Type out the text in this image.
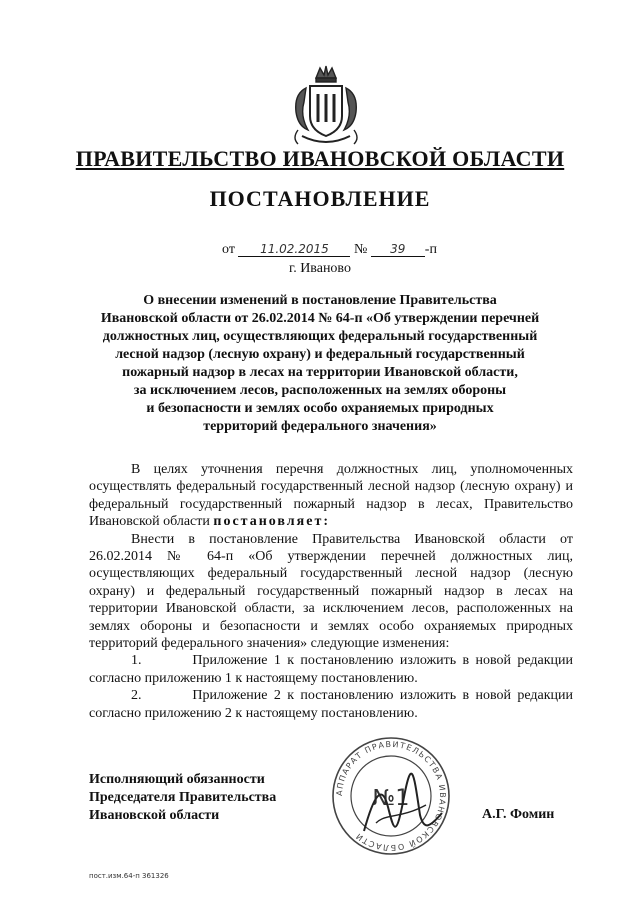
ПРАВИТЕЛЬСТВО ИВАНОВСКОЙ ОБЛАСТИ
ПОСТАНОВЛЕНИЕ
от 11.02.2015 № 39 -п
г. Иваново
О внесении изменений в постановление Правительства
Ивановской области от 26.02.2014 № 64-п «Об утверждении перечней
должностных лиц, осуществляющих федеральный государственный
лесной надзор (лесную охрану) и федеральный государственный
пожарный надзор в лесах на территории Ивановской области,
за исключением лесов, расположенных на землях обороны
и безопасности и землях особо охраняемых природных
территорий федерального значения»

В целях уточнения перечня должностных лиц, уполномоченных осуществлять федеральный государственный лесной надзор (лесную охрану) и федеральный государственный пожарный надзор в лесах, Правительство Ивановской области постановляет:

Внести в постановление Правительства Ивановской области от 26.02.2014 № 64-п «Об утверждении перечней должностных лиц, осуществляющих федеральный государственный лесной надзор (лесную охрану) и федеральный государственный пожарный надзор в лесах на территории Ивановской области, за исключением лесов, расположенных на землях обороны и безопасности и землях особо охраняемых природных территорий федерального значения» следующие изменения:

1.	Приложение 1 к постановлению изложить в новой редакции согласно приложению 1 к настоящему постановлению.

2.	Приложение 2 к постановлению изложить в новой редакции согласно приложению 2 к настоящему постановлению.

Исполняющий обязанности
Председателя Правительства
Ивановской области
АППАРАТ ПРАВИТЕЛЬСТВА ИВАНОВСКОЙ ОБЛАСТИ
№1
А.Г. Фомин
пост.изм.64-п 361326
